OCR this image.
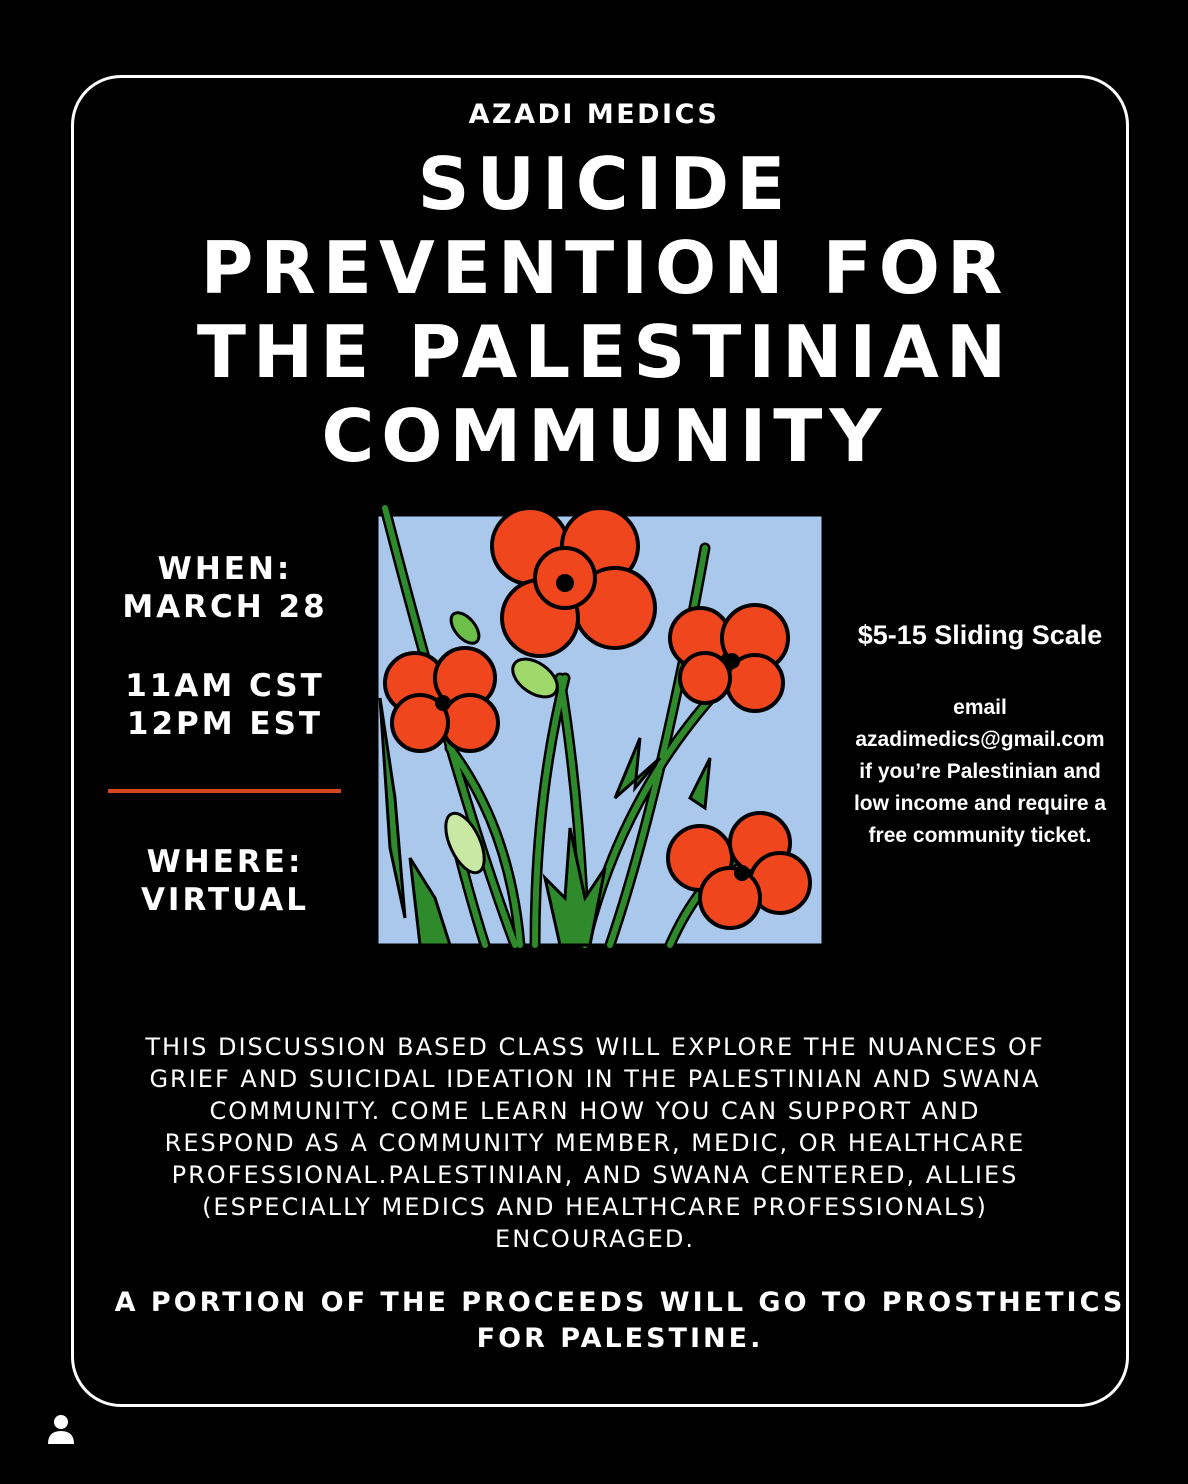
AZADI MEDICS
SUICIDE
PREVENTION FOR
THE PALESTINIAN
COMMUNITY
WHEN:
MARCH 28
11AM CST
12PM EST
WHERE:
VIRTUAL
$5-15 Sliding Scale
email
azadimedics@gmail.com
if you’re Palestinian and
low income and require a
free community ticket.
THIS DISCUSSION BASED CLASS WILL EXPLORE THE NUANCES OF
GRIEF AND SUICIDAL IDEATION IN THE PALESTINIAN AND SWANA
COMMUNITY. COME LEARN HOW YOU CAN SUPPORT AND
RESPOND AS A COMMUNITY MEMBER, MEDIC, OR HEALTHCARE
PROFESSIONAL.PALESTINIAN, AND SWANA CENTERED, ALLIES
(ESPECIALLY MEDICS AND HEALTHCARE PROFESSIONALS)
ENCOURAGED.
A PORTION OF THE PROCEEDS WILL GO TO PROSTHETICS
FOR PALESTINE.
